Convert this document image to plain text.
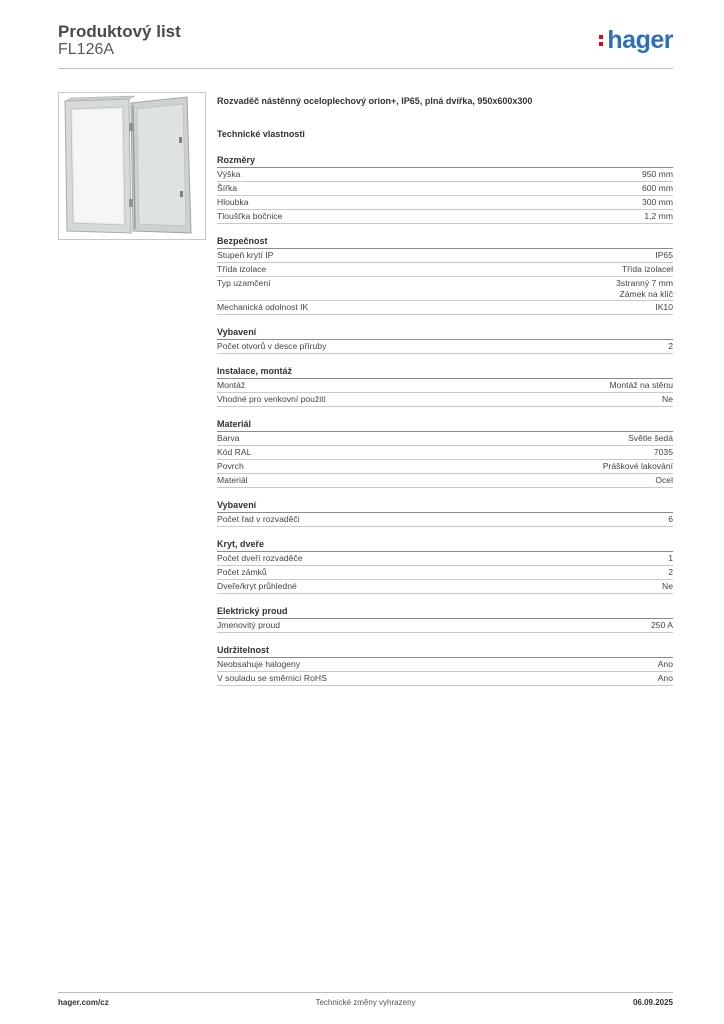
Produktový list
FL126A	hager
Rozvaděč nástěnný oceloplechový orion+, IP65, plná dvířka, 950x600x300
Technické vlastnosti
Rozměry
Výška	950 mm
Šířka	600 mm
Hloubka	300 mm
Tloušťka bočnice	1,2 mm
Bezpečnost
Stupeň krytí IP	IP65
Třída izolace	Třída izolacel
Typ uzamčení	3stranný 7 mm
Zámek na klíč
Mechanická odolnost IK	IK10
Vybavení
Počet otvorů v desce příruby	2
Instalace, montáž
Montáž	Montáž na stěnu
Vhodné pro venkovní použití	Ne
Materiál
Barva	Světle šedá
Kód RAL	7035
Povrch	Práškové lakování
Materiál	Ocel
Vybavení
Počet řad v rozvaděči	6
Kryt, dveře
Počet dveří rozvaděče	1
Počet zámků	2
Dveře/kryt průhledné	Ne
Elektrický proud
Jmenovitý proud	250 A
Udržitelnost
Neobsahuje halogeny	Ano
V souladu se směrnicí RoHS	Ano
hager.com/cz	Technické změny vyhrazeny	06.09.2025
